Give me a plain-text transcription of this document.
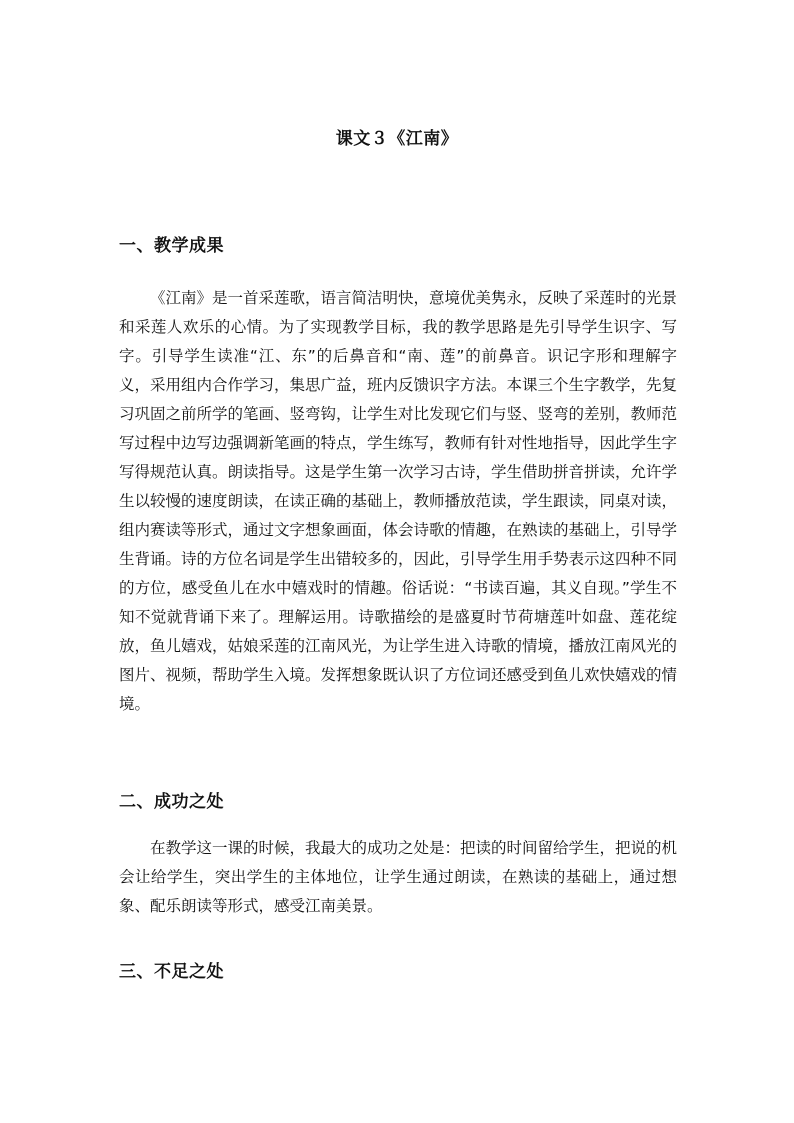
课文３《江南》
一、教学成果

《江南》是一首采莲歌，语言简洁明快，意境优美隽永，反映了采莲时的光景和采莲人欢乐的心情。为了实现教学目标，我的教学思路是先引导学生识字、写字。引导学生读准“江、东”的后鼻音和“南、莲”的前鼻音。识记字形和理解字义，采用组内合作学习，集思广益，班内反馈识字方法。本课三个生字教学，先复习巩固之前所学的笔画、竖弯钩，让学生对比发现它们与竖、竖弯的差别，教师范写过程中边写边强调新笔画的特点，学生练写，教师有针对性地指导，因此学生字写得规范认真。朗读指导。这是学生第一次学习古诗，学生借助拼音拼读，允许学生以较慢的速度朗读，在读正确的基础上，教师播放范读，学生跟读，同桌对读，组内赛读等形式，通过文字想象画面，体会诗歌的情趣，在熟读的基础上，引导学生背诵。诗的方位名词是学生出错较多的，因此，引导学生用手势表示这四种不同的方位，感受鱼儿在水中嬉戏时的情趣。俗话说：“书读百遍，其义自现。”学生不知不觉就背诵下来了。理解运用。诗歌描绘的是盛夏时节荷塘莲叶如盘、莲花绽放，鱼儿嬉戏，姑娘采莲的江南风光，为让学生进入诗歌的情境，播放江南风光的图片、视频，帮助学生入境。发挥想象既认识了方位词还感受到鱼儿欢快嬉戏的情境。

二、成功之处

在教学这一课的时候，我最大的成功之处是：把读的时间留给学生，把说的机会让给学生，突出学生的主体地位，让学生通过朗读，在熟读的基础上，通过想象、配乐朗读等形式，感受江南美景。

三、不足之处
